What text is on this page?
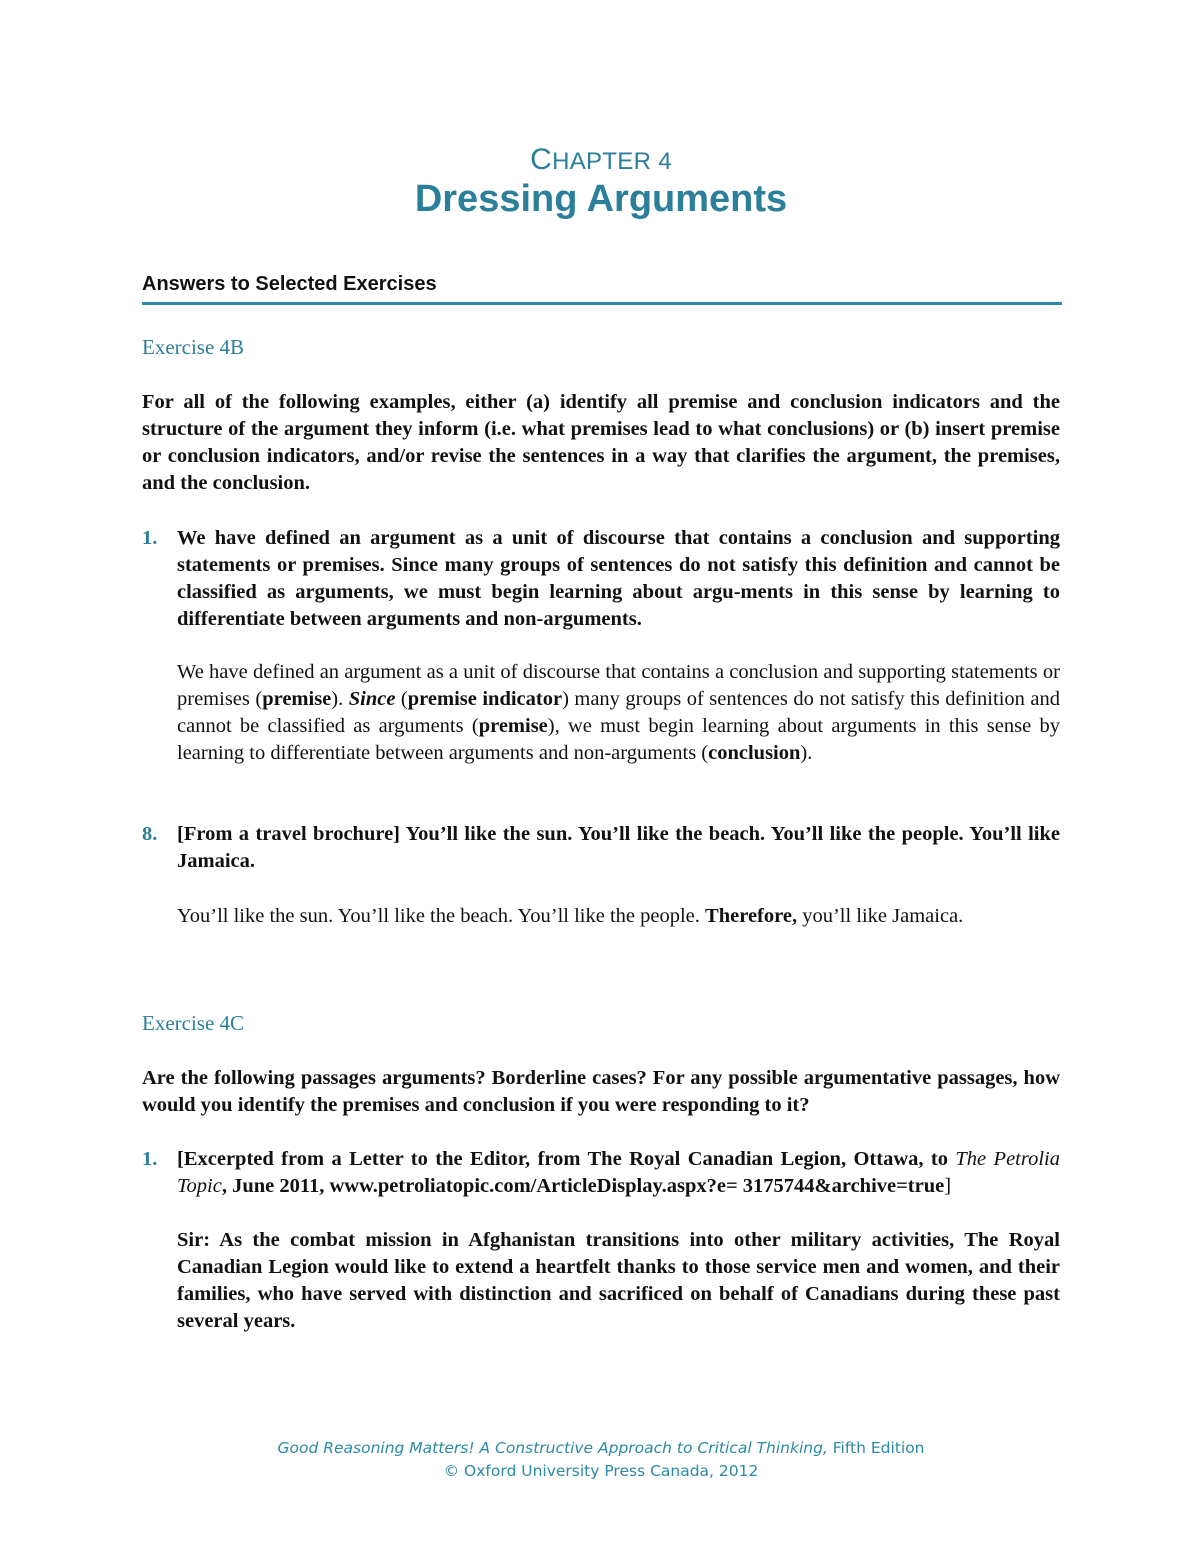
CHAPTER 4
Dressing Arguments
Answers to Selected Exercises
Exercise 4B
For all of the following examples, either (a) identify all premise and conclusion indicators and the structure of the argument they inform (i.e. what premises lead to what conclusions) or (b) insert premise or conclusion indicators, and/or revise the sentences in a way that clarifies the argument, the premises, and the conclusion.
1. We have defined an argument as a unit of discourse that contains a conclusion and supporting statements or premises. Since many groups of sentences do not satisfy this definition and cannot be classified as arguments, we must begin learning about argu-ments in this sense by learning to differentiate between arguments and non-arguments.
We have defined an argument as a unit of discourse that contains a conclusion and supporting statements or premises (premise). Since (premise indicator) many groups of sentences do not satisfy this definition and cannot be classified as arguments (premise), we must begin learning about arguments in this sense by learning to differentiate between arguments and non-arguments (conclusion).
8. [From a travel brochure] You’ll like the sun. You’ll like the beach. You’ll like the people. You’ll like Jamaica.
You’ll like the sun. You’ll like the beach. You’ll like the people. Therefore, you’ll like Jamaica.
Exercise 4C
Are the following passages arguments? Borderline cases? For any possible argumentative passages, how would you identify the premises and conclusion if you were responding to it?
1. [Excerpted from a Letter to the Editor, from The Royal Canadian Legion, Ottawa, to The Petrolia Topic, June 2011, www.petroliatopic.com/ArticleDisplay.aspx?e= 3175744&archive=true]
Sir: As the combat mission in Afghanistan transitions into other military activities, The Royal Canadian Legion would like to extend a heartfelt thanks to those service men and women, and their families, who have served with distinction and sacrificed on behalf of Canadians during these past several years.
Good Reasoning Matters! A Constructive Approach to Critical Thinking, Fifth Edition
© Oxford University Press Canada, 2012
